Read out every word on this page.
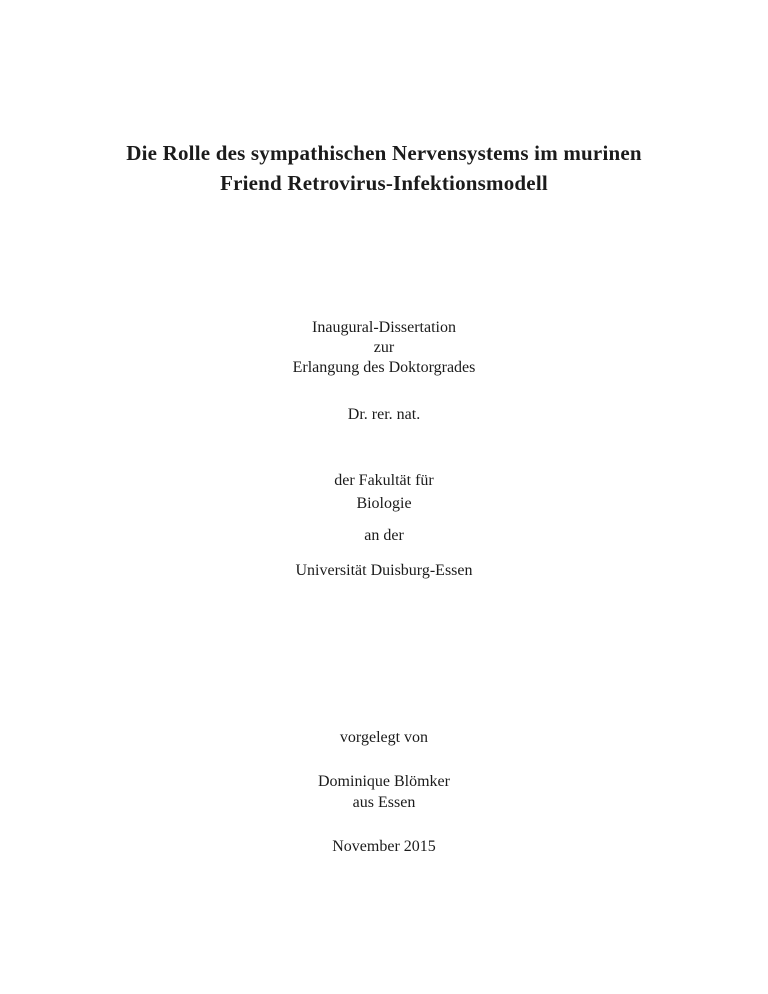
Die Rolle des sympathischen Nervensystems im murinen
Friend Retrovirus-Infektionsmodell
Inaugural-Dissertation
zur
Erlangung des Doktorgrades
Dr. rer. nat.
der Fakultät für
Biologie
an der
Universität Duisburg-Essen
vorgelegt von
Dominique Blömker
aus Essen
November 2015
